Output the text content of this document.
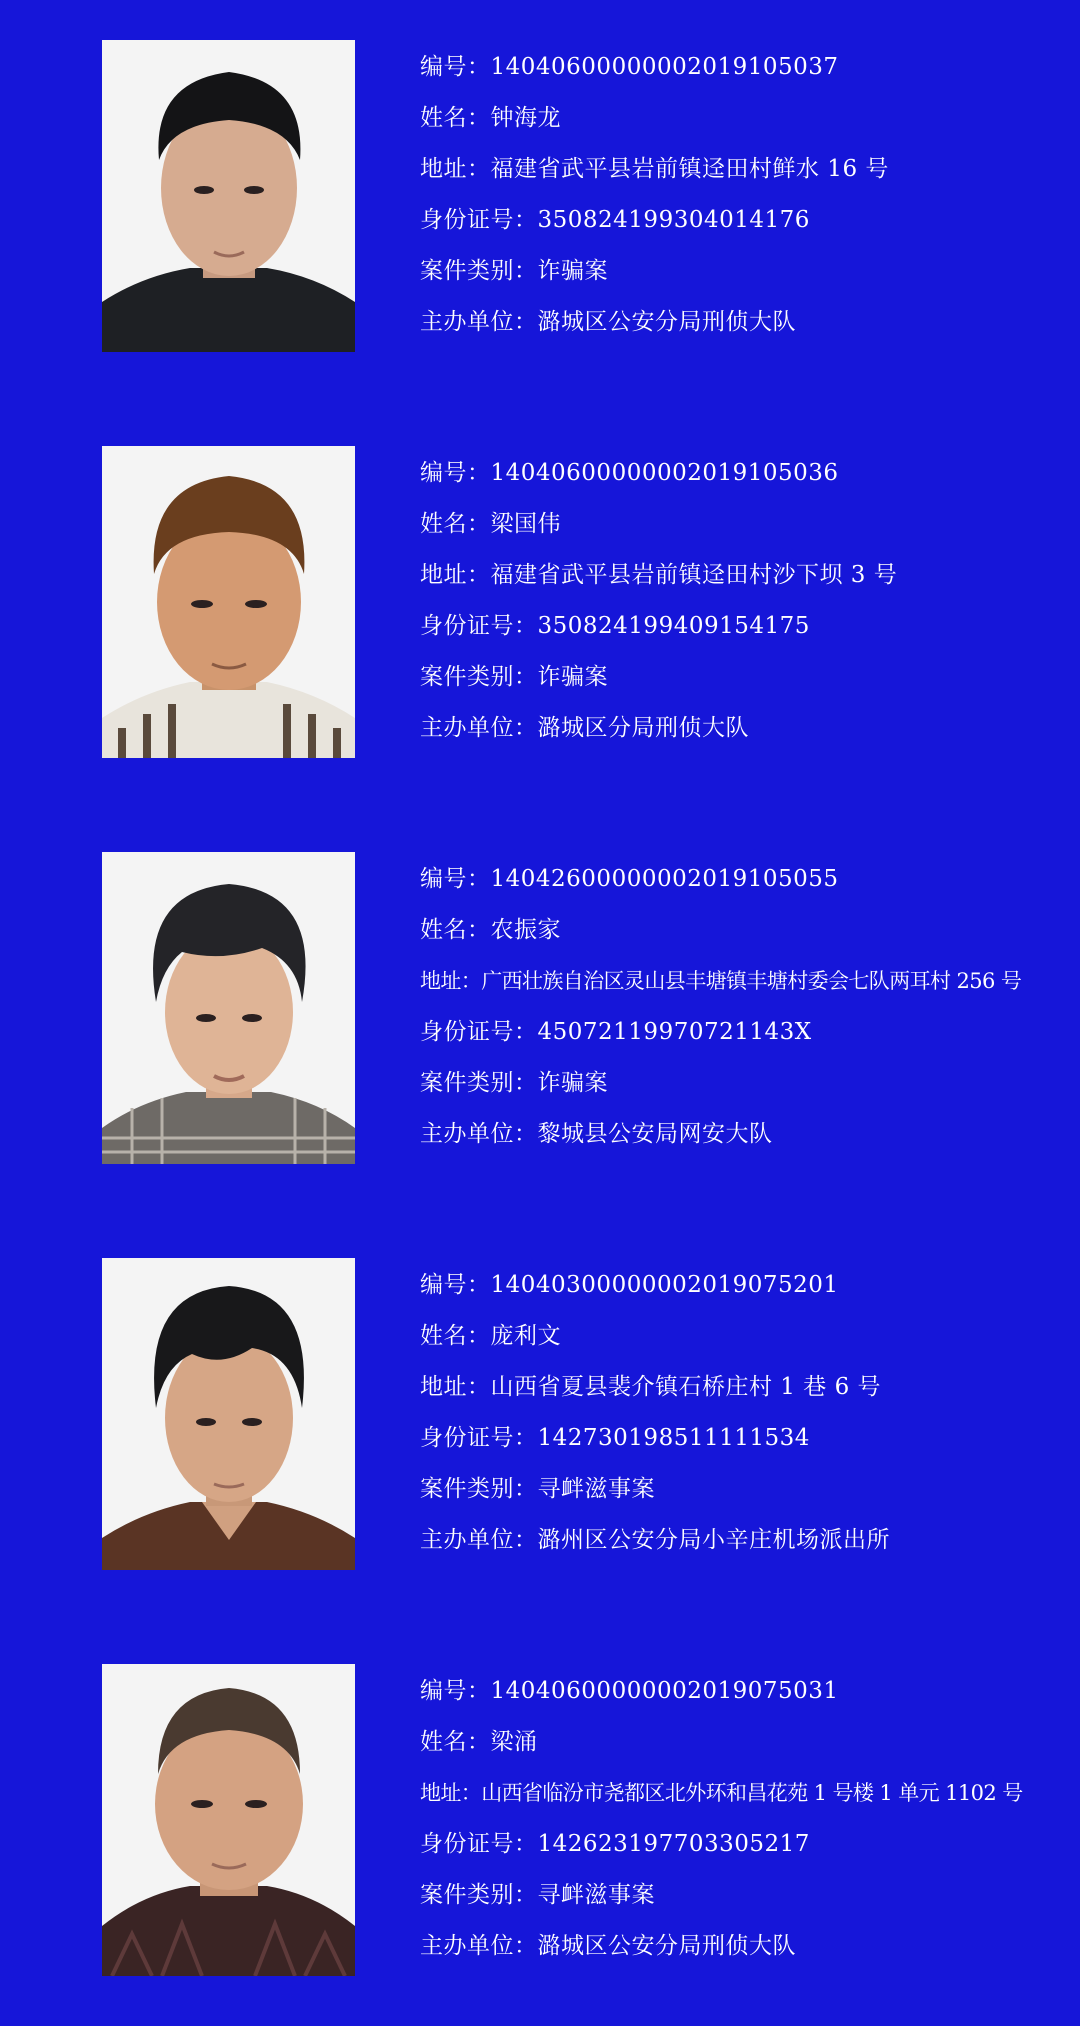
编号：14040600000002019105037
姓名：钟海龙
地址：福建省武平县岩前镇迳田村鲜水 16 号
身份证号：350824199304014176
案件类别：诈骗案
主办单位：潞城区公安分局刑侦大队
编号：14040600000002019105036
姓名：梁国伟
地址：福建省武平县岩前镇迳田村沙下坝 3 号
身份证号：350824199409154175
案件类别：诈骗案
主办单位：潞城区分局刑侦大队
编号：14042600000002019105055
姓名：农振家
地址：广西壮族自治区灵山县丰塘镇丰塘村委会七队两耳村 256 号
身份证号：45072119970721143X
案件类别：诈骗案
主办单位：黎城县公安局网安大队
编号：14040300000002019075201
姓名：庞利文
地址：山西省夏县裴介镇石桥庄村 1 巷 6 号
身份证号：142730198511111534
案件类别：寻衅滋事案
主办单位：潞州区公安分局小辛庄机场派出所
编号：14040600000002019075031
姓名：梁涌
地址：山西省临汾市尧都区北外环和昌花苑 1 号楼 1 单元 1102 号
身份证号：142623197703305217
案件类别：寻衅滋事案
主办单位：潞城区公安分局刑侦大队
